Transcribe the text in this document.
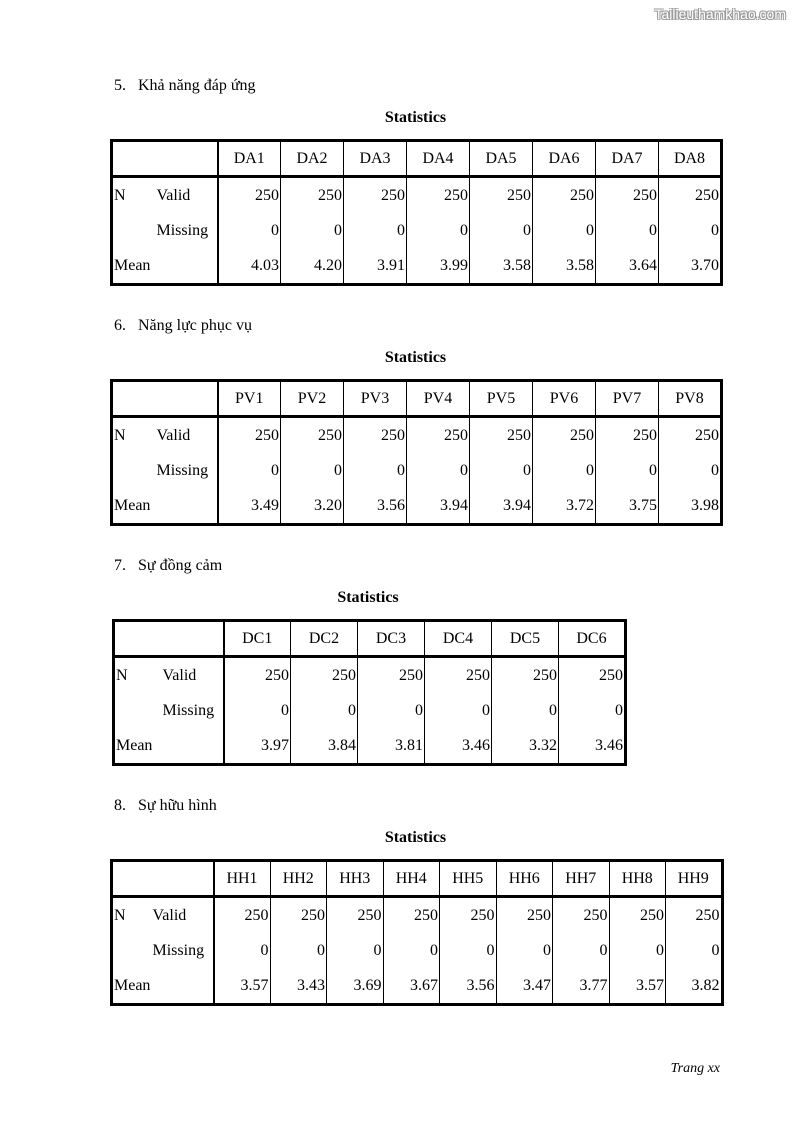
Tailieuthamkhao.com
5. Khả năng đáp ứng
Statistics
		DA1	DA2	DA3	DA4	DA5	DA6	DA7	DA8
N	Valid	250	250	250	250	250	250	250	250
	Missing	0	0	0	0	0	0	0	0
Mean		4.03	4.20	3.91	3.99	3.58	3.58	3.64	3.70
6. Năng lực phục vụ
Statistics
		PV1	PV2	PV3	PV4	PV5	PV6	PV7	PV8
N	Valid	250	250	250	250	250	250	250	250
	Missing	0	0	0	0	0	0	0	0
Mean		3.49	3.20	3.56	3.94	3.94	3.72	3.75	3.98
7. Sự đồng cảm
Statistics
		DC1	DC2	DC3	DC4	DC5	DC6
N	Valid	250	250	250	250	250	250
	Missing	0	0	0	0	0	0
Mean		3.97	3.84	3.81	3.46	3.32	3.46
8. Sự hữu hình
Statistics
		HH1	HH2	HH3	HH4	HH5	HH6	HH7	HH8	HH9
N	Valid	250	250	250	250	250	250	250	250	250
	Missing	0	0	0	0	0	0	0	0	0
Mean		3.57	3.43	3.69	3.67	3.56	3.47	3.77	3.57	3.82
Trang xx
